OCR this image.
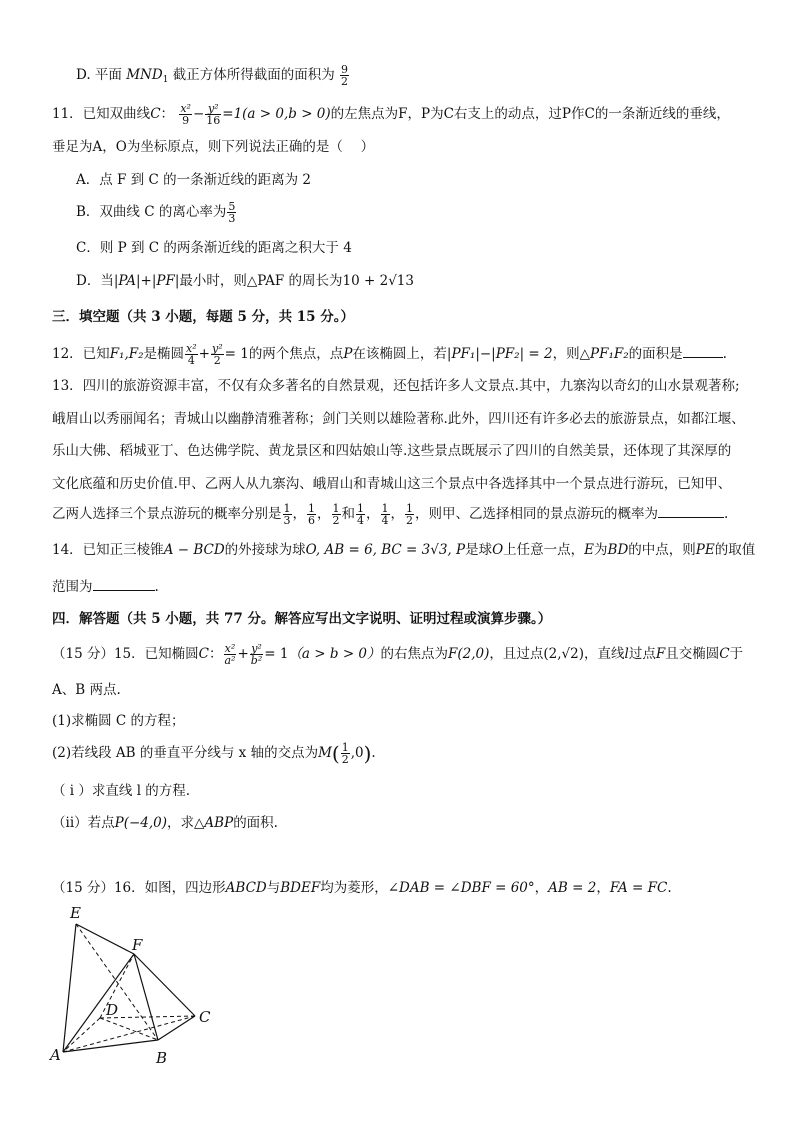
D. 平面 $MND_1$ 截正方体所得截面的面积为 $\frac{9}{2}$
11．已知双曲线C： $\frac{\text{x²}}{9} - \frac{\text{y²}}{16} =1(a > 0,b > 0)$的左焦点为F，P为C右支上的动点，过P作C的一条渐近线的垂线，
垂足为A，O为坐标原点，则下列说法正确的是（　 ）
A．点 F 到 C 的一条渐近线的距离为 2
B．双曲线 C 的离心率为 $\frac{5}{3}$
C．则 P 到 C 的两条渐近线的距离之积大于 4
D．当|PA|+|PF|最小时，则△PAF 的周长为10 + 2√13
三．填空题（共 3 小题，每题 5 分，共 15 分。）
12．已知F₁,F₂是椭圆 $\frac{\text{x²}}{4} + \frac{\text{y²}}{2} = 1$的两个焦点，点P在该椭圆上，若|PF₁|−|PF₂| = 2，则△PF₁F₂的面积是	.
13．四川的旅游资源丰富，不仅有众多著名的自然景观，还包括许多人文景点.其中，九寨沟以奇幻的山水景观著称;
峨眉山以秀丽闻名；青城山以幽静清雅著称；剑门关则以雄险著称.此外，四川还有许多必去的旅游景点，如都江堰、
乐山大佛、稻城亚丁、色达佛学院、黄龙景区和四姑娘山等.这些景点既展示了四川的自然美景，还体现了其深厚的
文化底蕴和历史价值.甲、乙两人从九寨沟、峨眉山和青城山这三个景点中各选择其中一个景点进行游玩，已知甲、
乙两人选择三个景点游玩的概率分别是 $\frac{1}{3}$ ， $\frac{1}{6}$ ， $\frac{1}{2}$ 和 $\frac{1}{4}$ ， $\frac{1}{4}$ ， $\frac{1}{2}$ ，则甲、乙选择相同的景点游玩的概率为	.
14．已知正三棱锥A − BCD的外接球为球O, AB = 6, BC = 3√3, P是球O上任意一点，E为BD的中点，则PE的取值
范围为	.
四．解答题（共 5 小题，共 77 分。解答应写出文字说明、证明过程或演算步骤。）
（15 分）15．已知椭圆C： $\frac{\text{x²}}{\text{a²}} + \frac{\text{y²}}{\text{b²}} = 1(a > b > 0)$的右焦点为F(2,0)，且过点(2,√2)，直线l过点F且交椭圆C于
A、B 两点.
(1)求椭圆 C 的方程；
(2)若线段 AB 的垂直平分线与 x 轴的交点为$M( \frac{1}{2} ,0)$.
（ i ）求直线 l 的方程.
（ii）若点P(−4,0)，求△ABP的面积.
（15 分）16．如图，四边形ABCD与BDEF均为菱形，∠DAB = ∠DBF = 60°，AB = 2，FA = FC.
E
F
D	C
A	B
